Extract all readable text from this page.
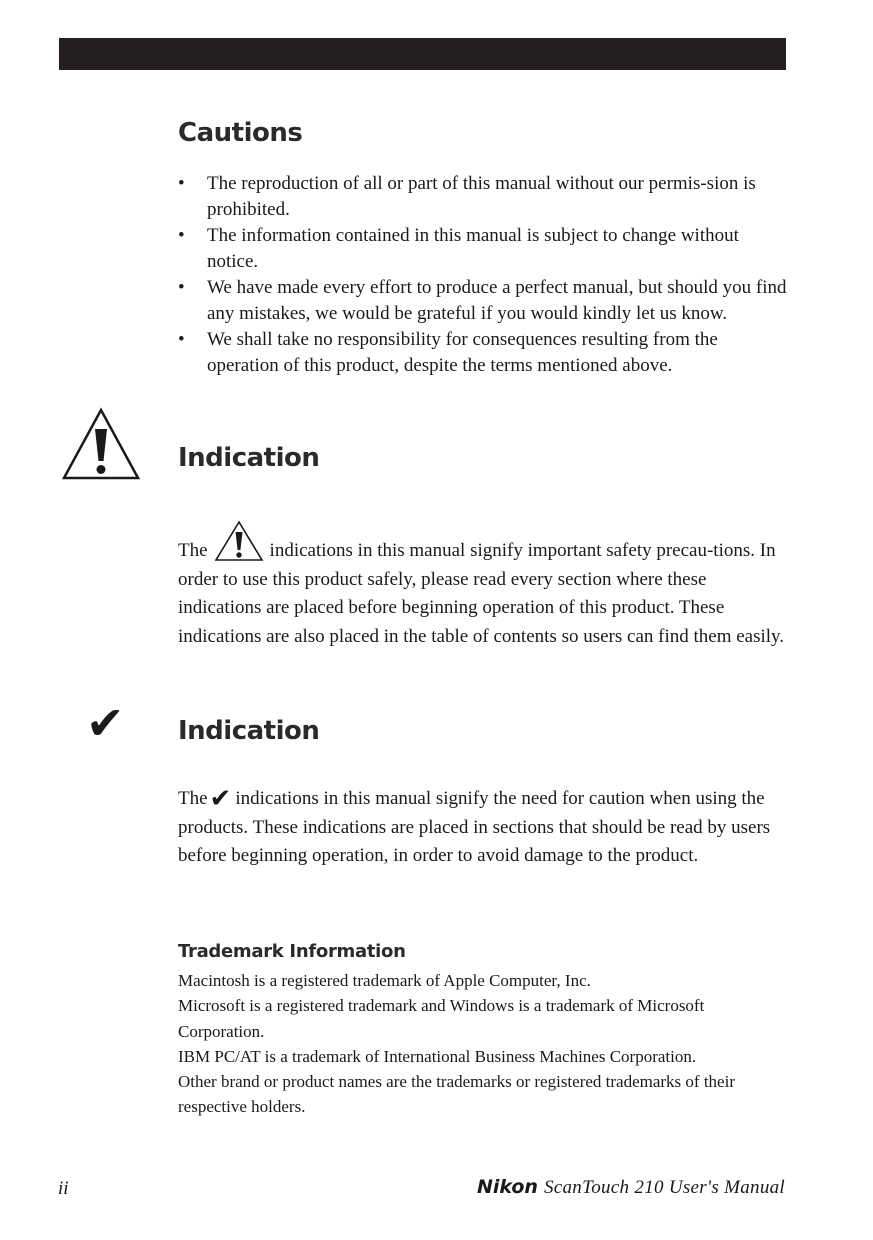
Cautions
• The reproduction of all or part of this manual without our permis-sion is prohibited.
• The information contained in this manual is subject to change without notice.
• We have made every effort to produce a perfect manual, but should you find any mistakes, we would be grateful if you would kindly let us know.
• We shall take no responsibility for consequences resulting from the operation of this product, despite the terms mentioned above.
Indication

The	indications in this manual signify important safety precau-tions. In order to use this product safely, please read every section where these indications are placed before beginning operation of this product. These indications are also placed in the table of contents so users can find them easily.

✔ Indication

The✔ indications in this manual signify the need for caution when using the products. These indications are placed in sections that should be read by users before beginning operation, in order to avoid damage to the product.

Trademark Information

Macintosh is a registered trademark of Apple Computer, Inc.
Microsoft is a registered trademark and Windows is a trademark of Microsoft Corporation.
IBM PC/AT is a trademark of International Business Machines Corporation.
Other brand or product names are the trademarks or registered trademarks of their respective holders.

ii	Nikon ScanTouch 210 User's Manual
